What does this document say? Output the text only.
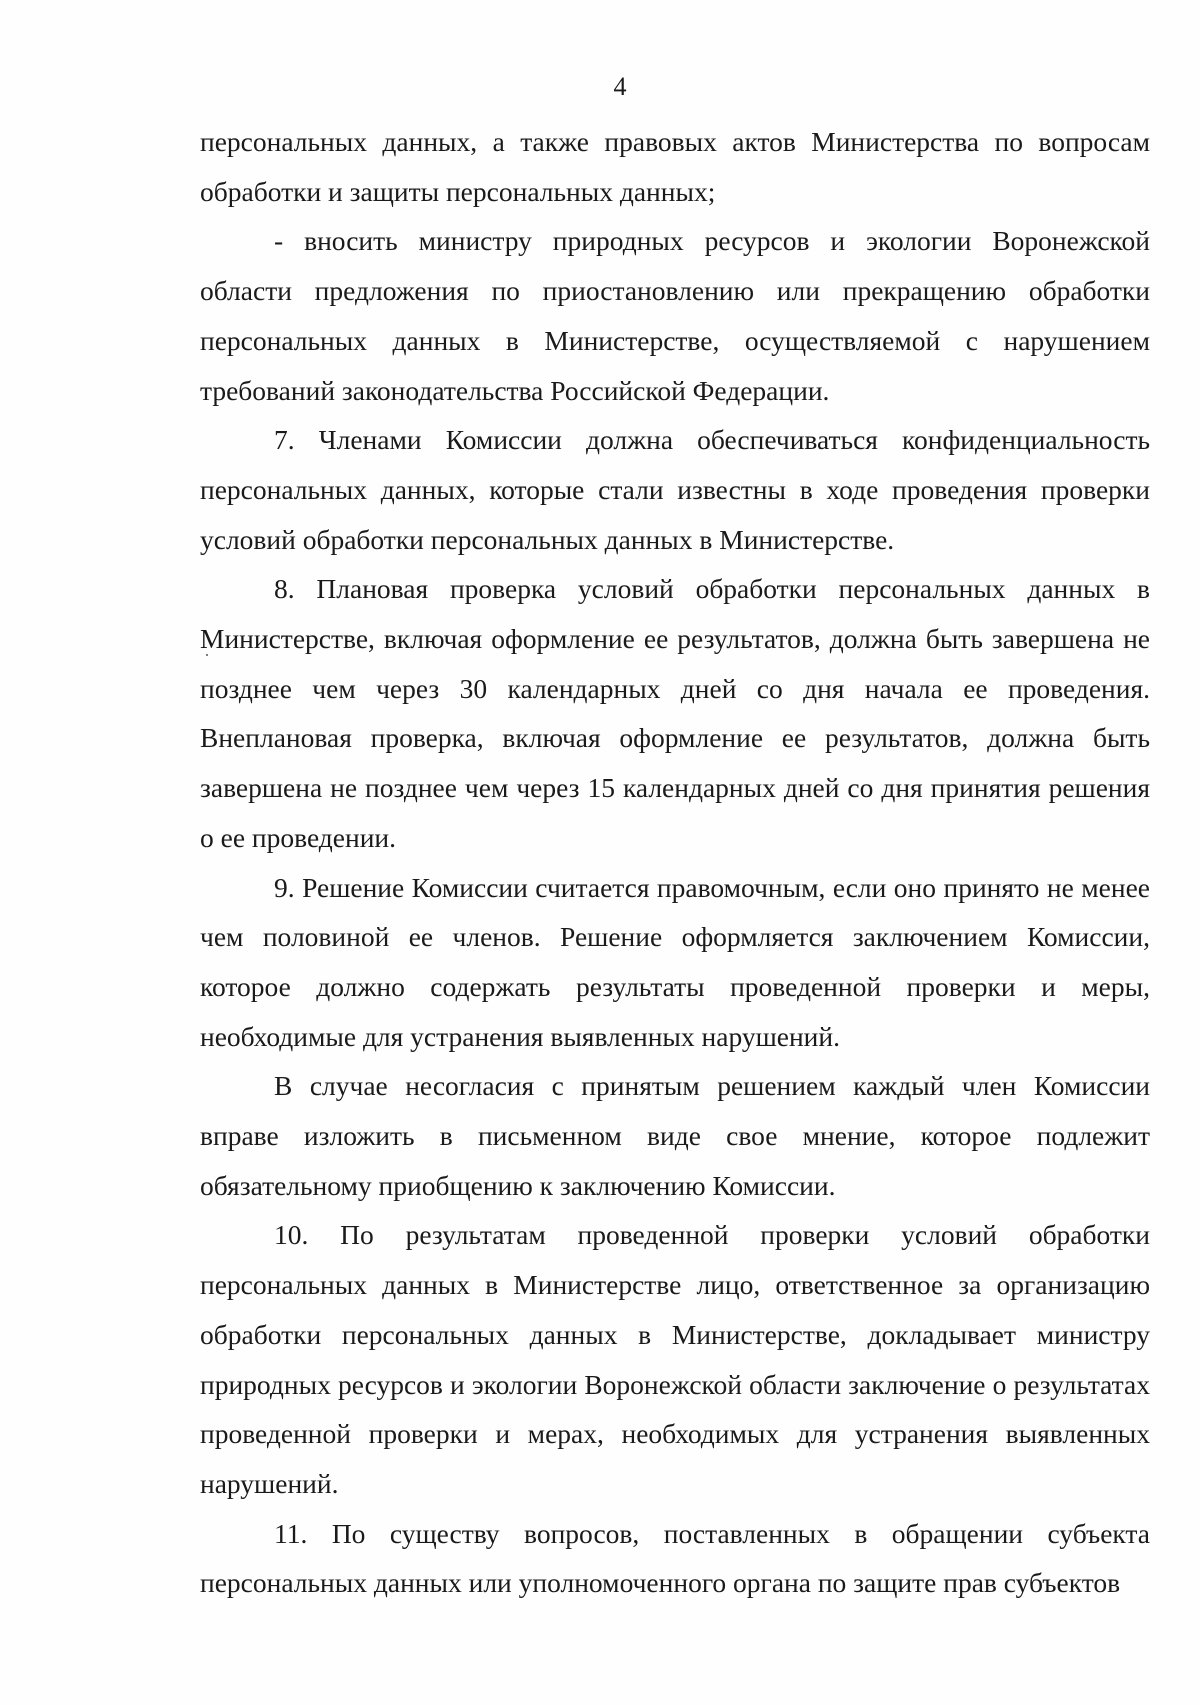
4

персональных данных, а также правовых актов Министерства по вопросам обработки и защиты персональных данных;

- вносить министру природных ресурсов и экологии Воронежской области предложения по приостановлению или прекращению обработки персональных данных в Министерстве, осуществляемой с нарушением требований законодательства Российской Федерации.

7. Членами Комиссии должна обеспечиваться конфиденциальность персональных данных, которые стали известны в ходе проведения проверки условий обработки персональных данных в Министерстве.

8. Плановая проверка условий обработки персональных данных в Министерстве, включая оформление ее результатов, должна быть завершена не позднее чем через 30 календарных дней со дня начала ее проведения. Внеплановая проверка, включая оформление ее результатов, должна быть завершена не позднее чем через 15 календарных дней со дня принятия решения о ее проведении.

9. Решение Комиссии считается правомочным, если оно принято не менее чем половиной ее членов. Решение оформляется заключением Комиссии, которое должно содержать результаты проведенной проверки и меры, необходимые для устранения выявленных нарушений.

В случае несогласия с принятым решением каждый член Комиссии вправе изложить в письменном виде свое мнение, которое подлежит обязательному приобщению к заключению Комиссии.

10. По результатам проведенной проверки условий обработки персональных данных в Министерстве лицо, ответственное за организацию обработки персональных данных в Министерстве, докладывает министру природных ресурсов и экологии Воронежской области заключение о результатах проведенной проверки и мерах, необходимых для устранения выявленных нарушений.

11. По существу вопросов, поставленных в обращении субъекта персональных данных или уполномоченного органа по защите прав субъектов
